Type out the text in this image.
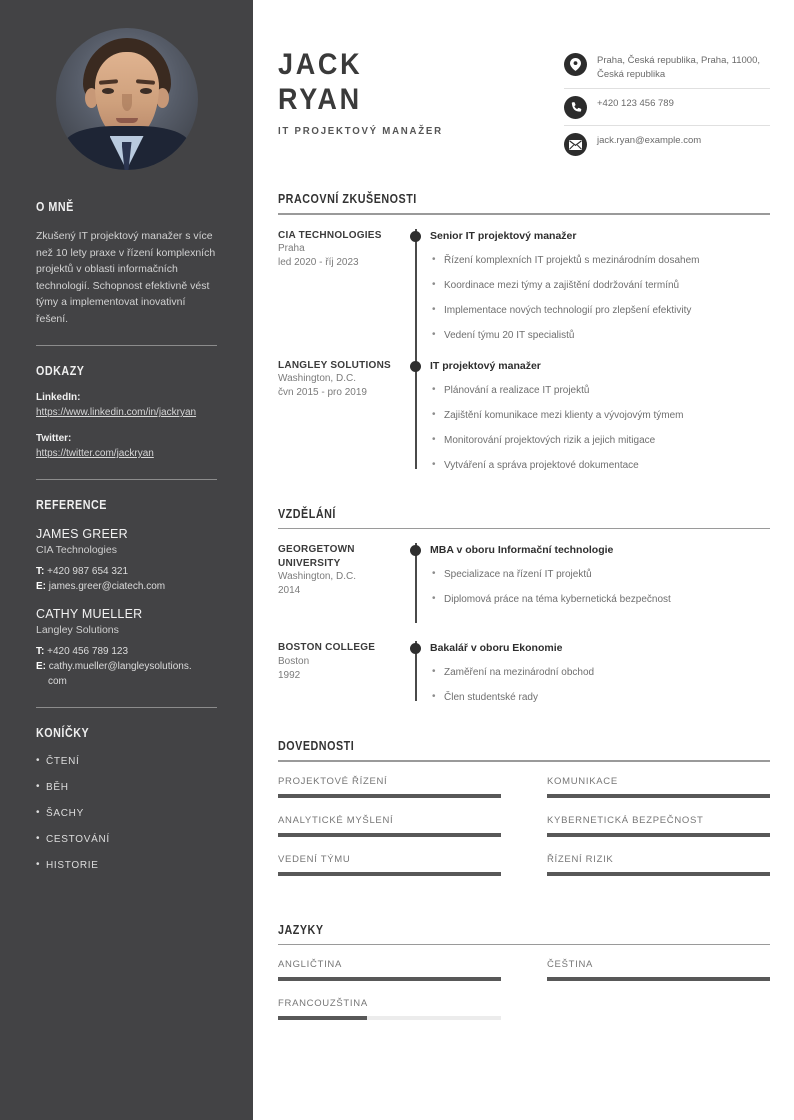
O MNĚ
Zkušený IT projektový manažer s více než 10 lety praxe v řízení komplexních projektů v oblasti informačních technologií. Schopnost efektivně vést týmy a implementovat inovativní řešení.
ODKAZY
LinkedIn:
https://www.linkedin.com/in/jackryan
Twitter:
https://twitter.com/jackryan
REFERENCE
JAMES GREER
CIA Technologies
T: +420 987 654 321
E: james.greer@ciatech.com
CATHY MUELLER
Langley Solutions
T: +420 456 789 123
E: cathy.mueller@langleysolutions.
com
KONÍČKY
• ČTENÍ
• BĚH
• ŠACHY
• CESTOVÁNÍ
• HISTORIE
JACK
RYAN
IT PROJEKTOVÝ MANAŽER
Praha, Česká republika, Praha, 11000, Česká republika
+420 123 456 789
jack.ryan@example.com
PRACOVNÍ ZKUŠENOSTI
CIA TECHNOLOGIES
Praha
led 2020 - říj 2023
Senior IT projektový manažer
• Řízení komplexních IT projektů s mezinárodním dosahem
• Koordinace mezi týmy a zajištění dodržování termínů
• Implementace nových technologií pro zlepšení efektivity
• Vedení týmu 20 IT specialistů
LANGLEY SOLUTIONS
Washington, D.C.
čvn 2015 - pro 2019
IT projektový manažer
• Plánování a realizace IT projektů
• Zajištění komunikace mezi klienty a vývojovým týmem
• Monitorování projektových rizik a jejich mitigace
• Vytváření a správa projektové dokumentace
VZDĚLÁNÍ
GEORGETOWN UNIVERSITY
Washington, D.C.
2014
MBA v oboru Informační technologie
• Specializace na řízení IT projektů
• Diplomová práce na téma kybernetická bezpečnost
BOSTON COLLEGE
Boston
1992
Bakalář v oboru Ekonomie
• Zaměření na mezinárodní obchod
• Člen studentské rady
DOVEDNOSTI
PROJEKTOVÉ ŘÍZENÍ	KOMUNIKACE
ANALYTICKÉ MYŠLENÍ	KYBERNETICKÁ BEZPEČNOST
VEDENÍ TÝMU	ŘÍZENÍ RIZIK
JAZYKY
ANGLIČTINA	ČEŠTINA
FRANCOUZŠTINA
